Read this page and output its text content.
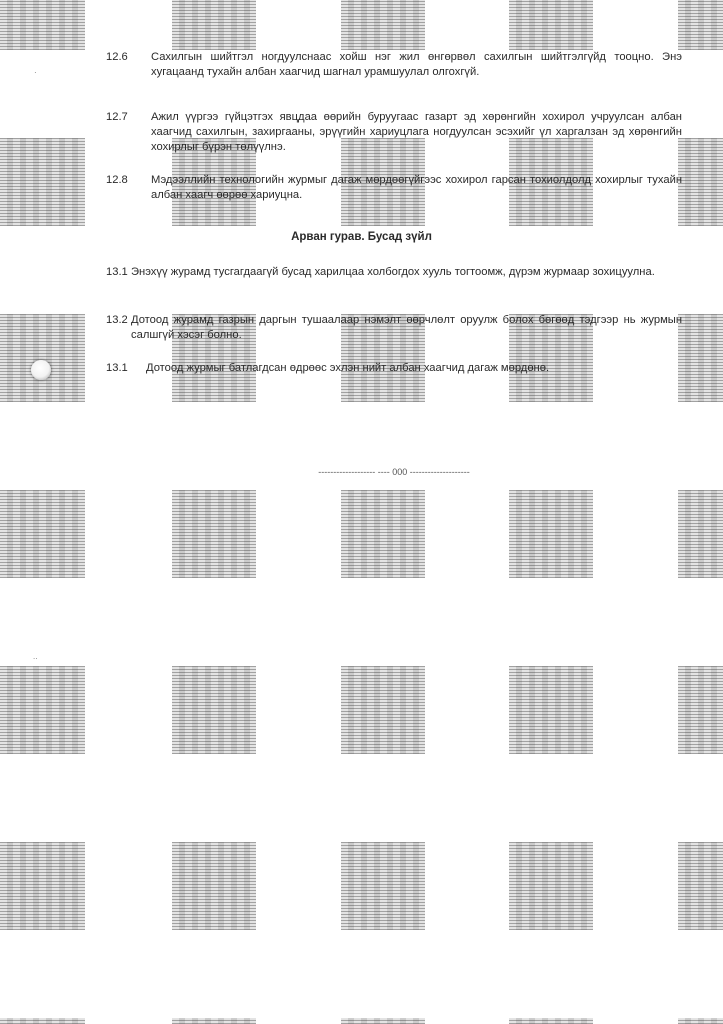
·
..
12.6 Сахилгын шийтгэл ногдуулснаас хойш нэг жил өнгөрвөл сахилгын шийтгэлгүйд тооцно. Энэ хугацаанд тухайн албан хаагчид шагнал урамшуулал олгохгүй.
12.7 Ажил үүргээ гүйцэтгэх явцдаа өөрийн буруугаас газарт эд хөрөнгийн хохирол учруулсан албан хаагчид сахилгын, захиргааны, эрүүгийн хариуцлага ногдуулсан эсэхийг үл харгалзан эд хөрөнгийн хохирлыг бүрэн төлүүлнэ.
12.8 Мэдээллийн технологийн журмыг дагаж мөрдөөгүйгээс хохирол гарсан тохиолдолд хохирлыг тухайн албан хаагч өөрөө хариуцна.
Арван гурав. Бусад зүйл
13.1 Энэхүү журамд тусгагдаагүй бусад харилцаа холбогдох хууль тогтоомж, дүрэм журмаар зохицуулна.
13.2 Дотоод журамд газрын даргын тушаалаар нэмэлт өөрчлөлт оруулж болох бөгөөд тэдгээр нь журмын салшгүй хэсэг болно.
13.1 Дотоод журмыг батлагдсан өдрөөс эхлэн нийт албан хаагчид дагаж мөрдөнө.
------------------- ---- 000 --------------------
